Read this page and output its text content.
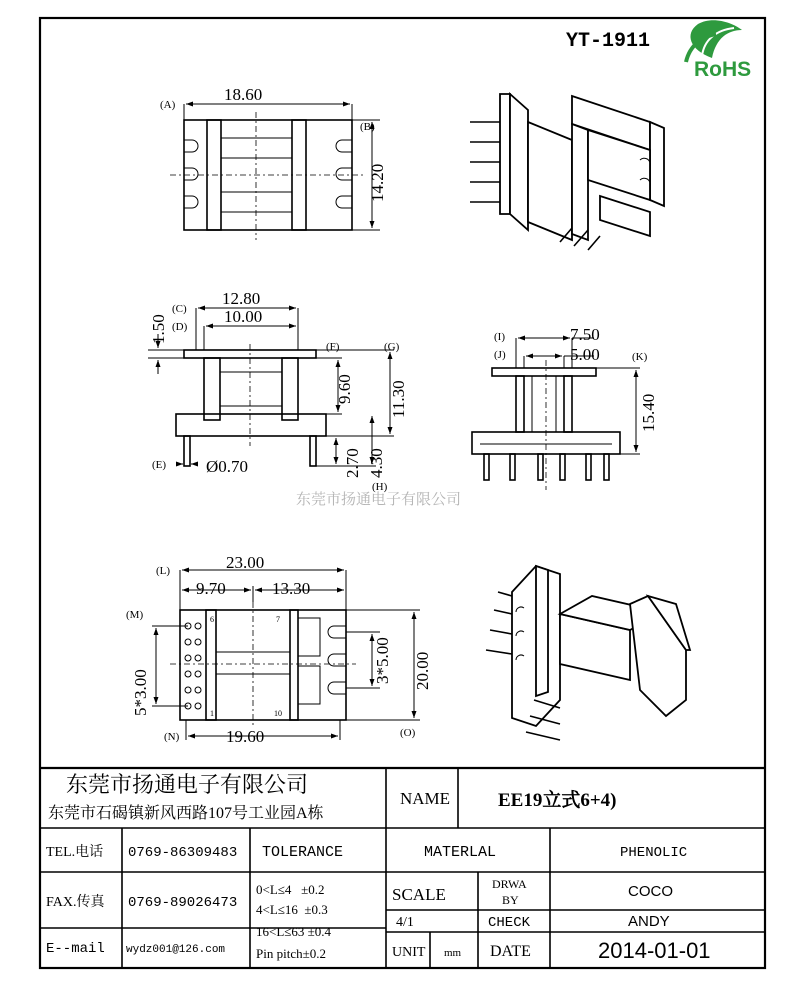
YT-1911
RoHS
(A)
18.60
(B)
14.20
(C)
12.80
(D)
10.00
1.50
(F)
9.60
(G)
11.30
(E) Ø0.70	2.70 4.30
(H)
(I)	7.50
(J)	5.00	(K)
15.40
东莞市扬通电子有限公司
6	7
1	10
(L)	23.00
9.70	13.30
(M)
5*3.00
(N)	19.60
3*5.00
(O)
20.00
东莞市扬通电子有限公司
东莞市石碣镇新风西路107号工业园A栋
NAME	EE19立式6+4)
TEL.电话 0769-86309483
FAX.传真 0769-89026473
E--mail wydz001@126.com
TOLERANCE
0<L≤4   ±0.2
4<L≤16  ±0.3
16<L≤63 ±0.4
Pin pitch±0.2
MATERLAL	PHENOLIC
SCALE
4/1
DRWA
BY	COCO
CHECK	ANDY
UNIT mm DATE	2014-01-01
